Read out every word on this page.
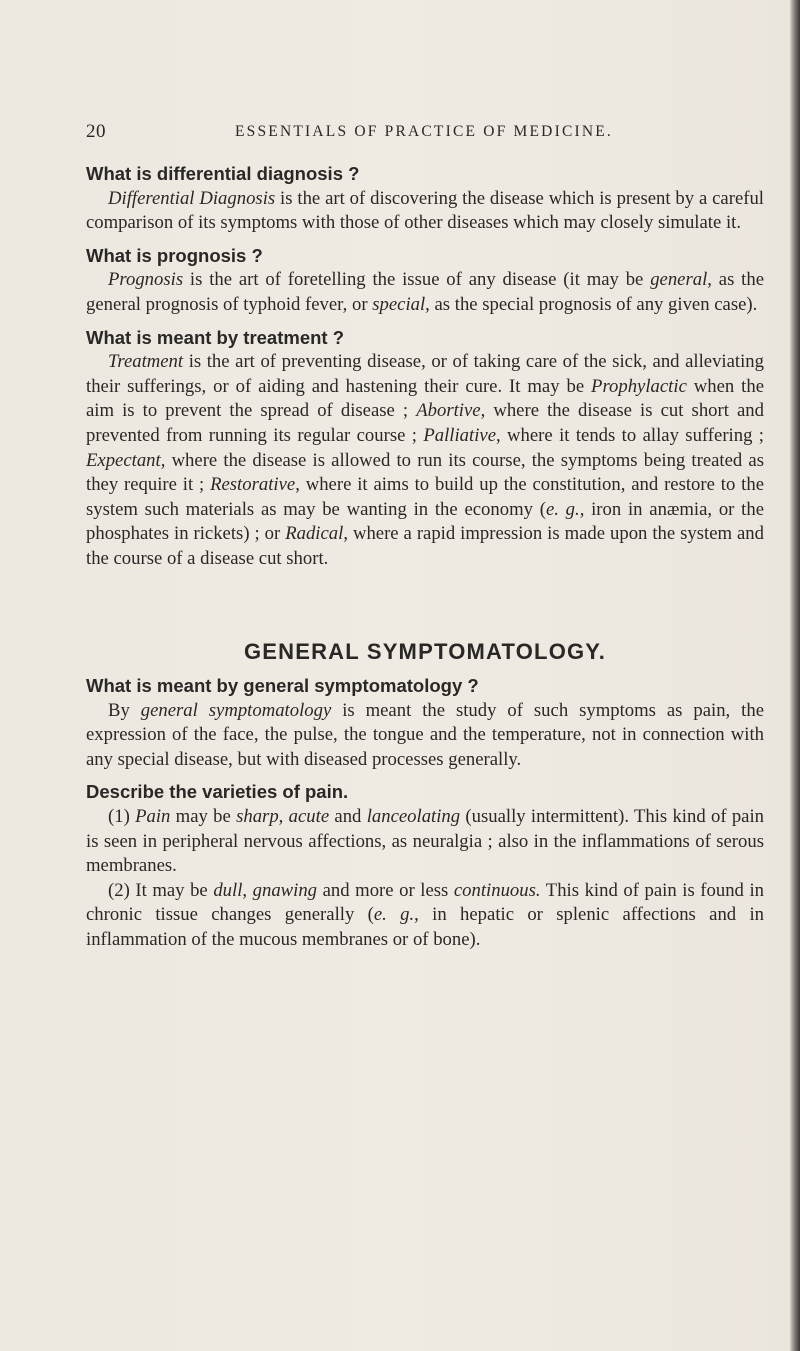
20	ESSENTIALS OF PRACTICE OF MEDICINE.

What is differential diagnosis ?

Differential Diagnosis is the art of discovering the disease which is present by a careful comparison of its symptoms with those of other diseases which may closely simulate it.

What is prognosis ?

Prognosis is the art of foretelling the issue of any disease (it may be general, as the general prognosis of typhoid fever, or special, as the special prognosis of any given case).

What is meant by treatment ?

Treatment is the art of preventing disease, or of taking care of the sick, and alleviating their sufferings, or of aiding and hastening their cure. It may be Prophylactic when the aim is to prevent the spread of disease ; Abortive, where the disease is cut short and prevented from running its regular course ; Palliative, where it tends to allay suffering ; Expectant, where the disease is allowed to run its course, the symptoms being treated as they require it ; Restorative, where it aims to build up the constitution, and restore to the system such materials as may be wanting in the economy (e. g., iron in anæmia, or the phosphates in rickets) ; or Radical, where a rapid impression is made upon the system and the course of a disease cut short.

GENERAL SYMPTOMATOLOGY.

What is meant by general symptomatology ?

By general symptomatology is meant the study of such symptoms as pain, the expression of the face, the pulse, the tongue and the temperature, not in connection with any special disease, but with diseased processes generally.

Describe the varieties of pain.

(1) Pain may be sharp, acute and lanceolating (usually intermittent). This kind of pain is seen in peripheral nervous affections, as neuralgia ; also in the inflammations of serous membranes.

(2) It may be dull, gnawing and more or less continuous. This kind of pain is found in chronic tissue changes generally (e. g., in hepatic or splenic affections and in inflammation of the mucous membranes or of bone).
